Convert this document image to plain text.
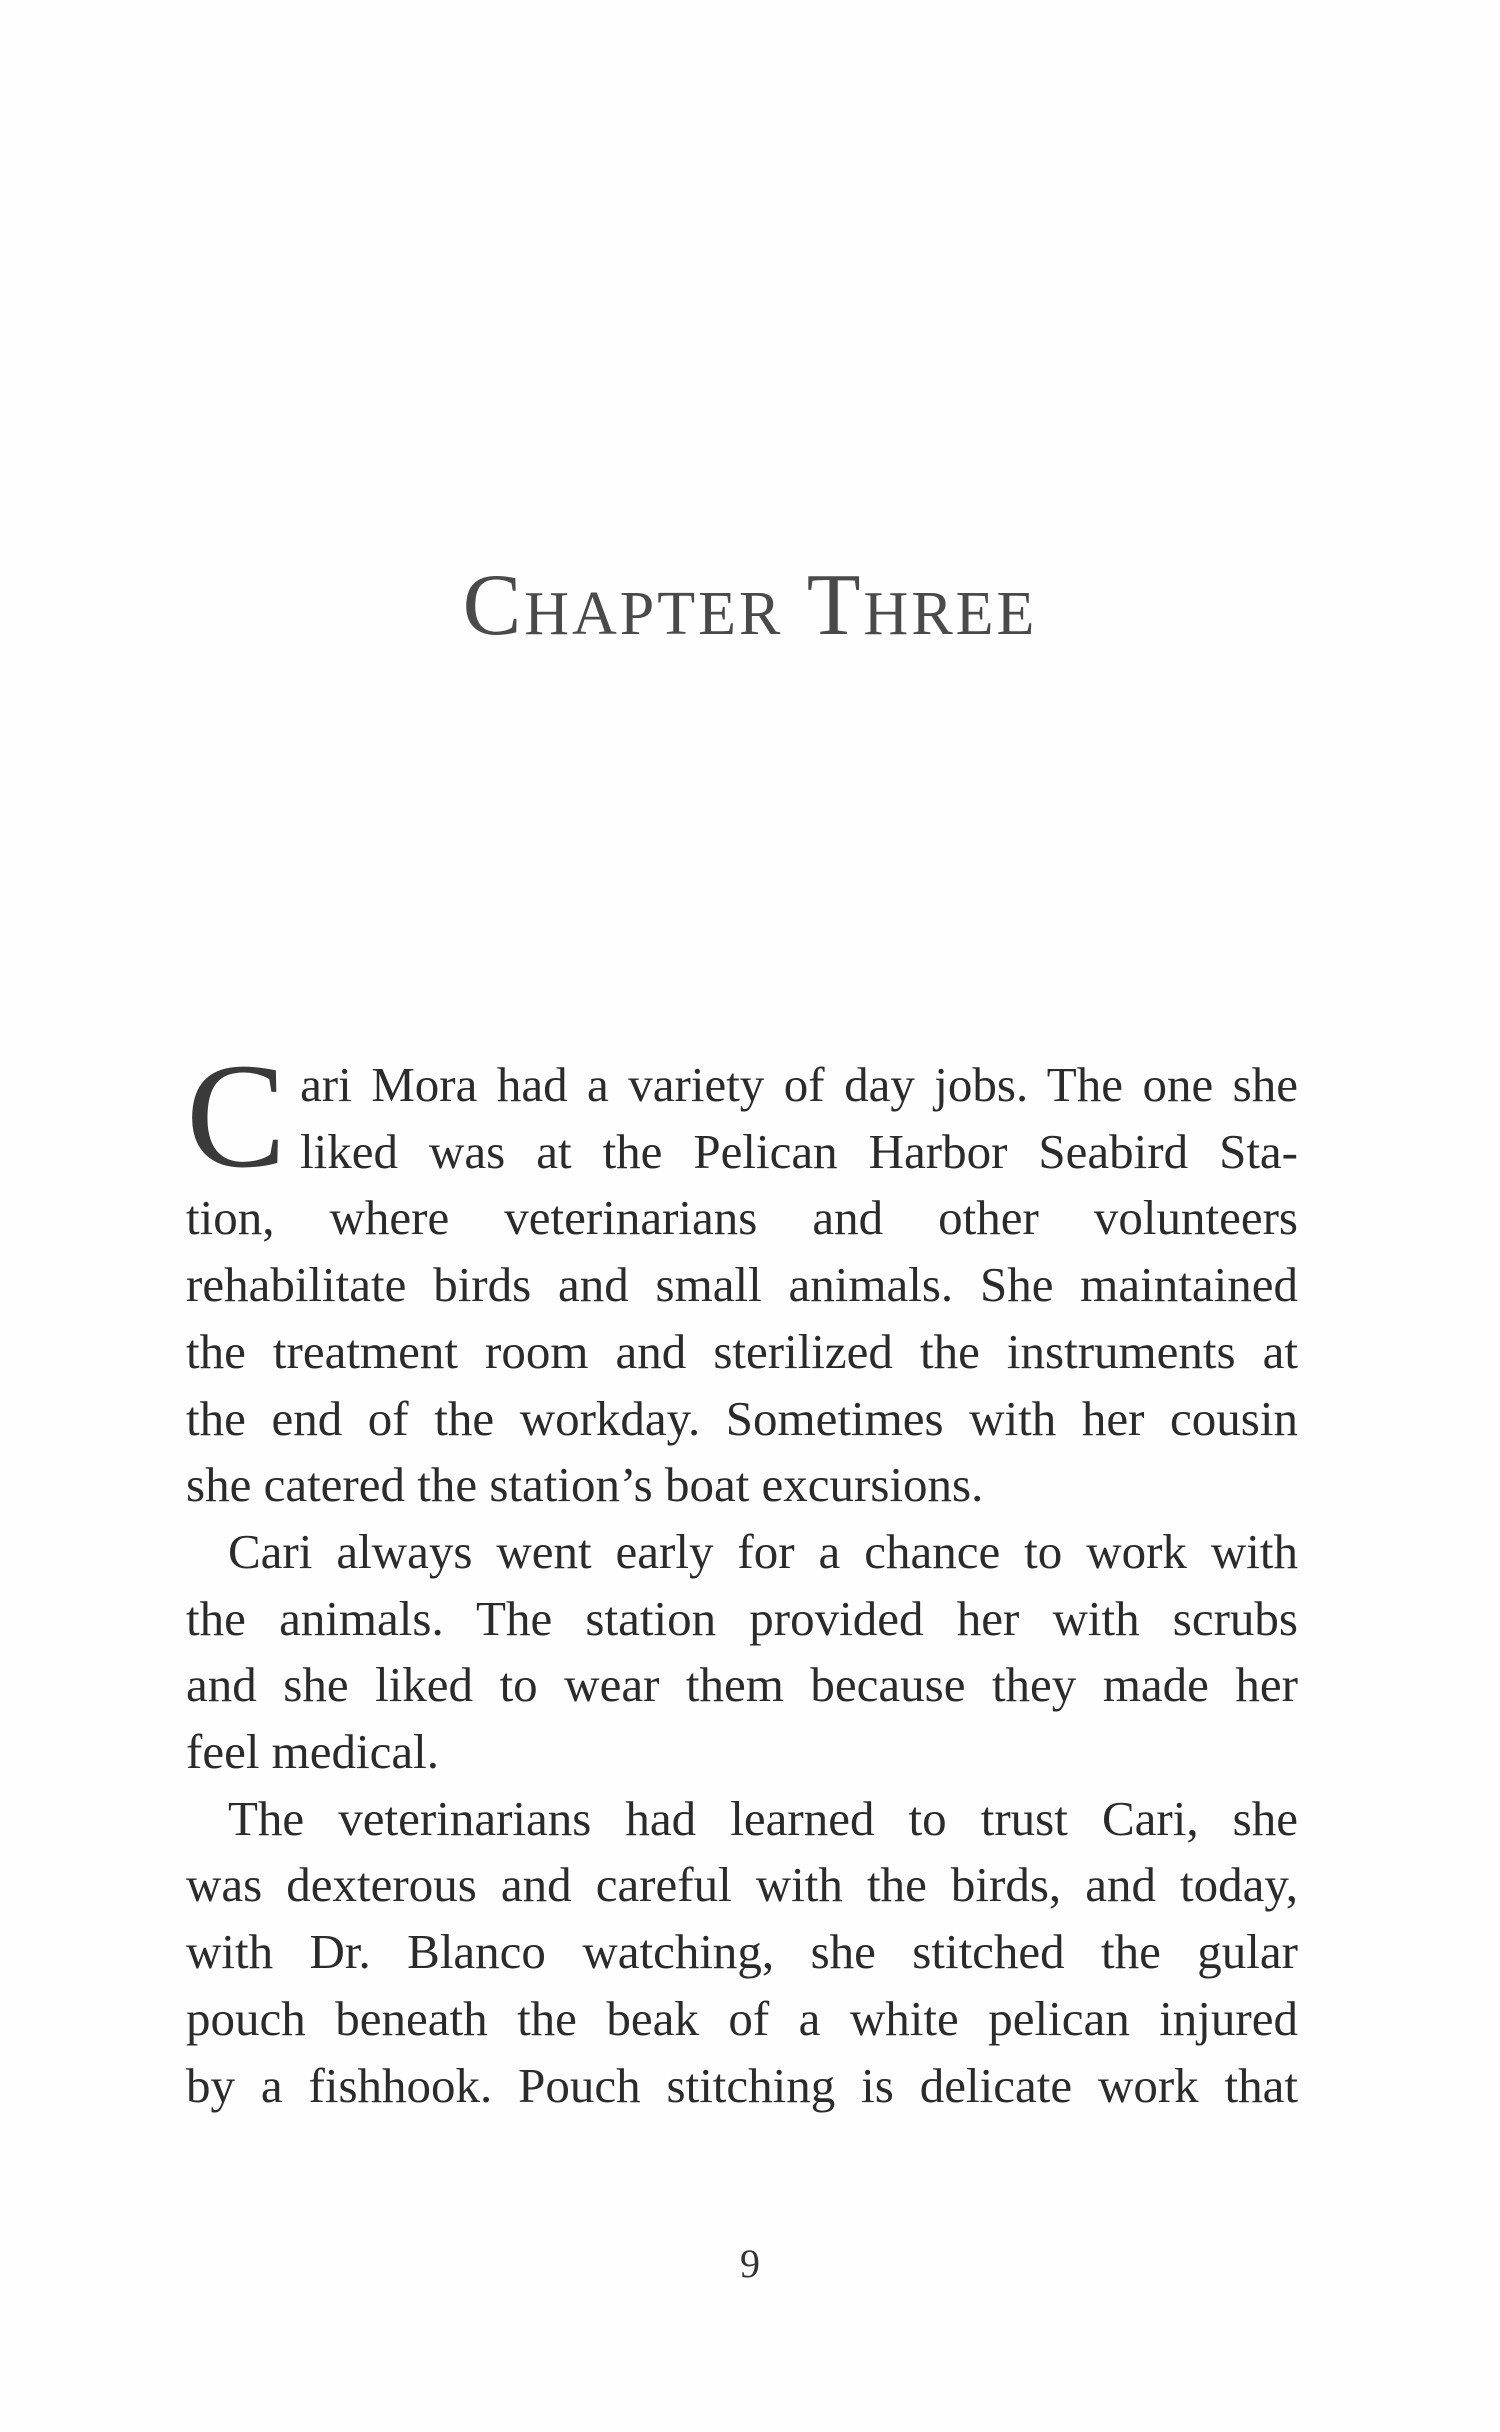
Chapter Three
C ari Mora had a variety of day jobs. The one she
liked was at the Pelican Harbor Seabird Sta-
tion, where veterinarians and other volunteers
rehabilitate birds and small animals. She maintained
the treatment room and sterilized the instruments at
the end of the workday. Sometimes with her cousin
she catered the station’s boat excursions.
Cari always went early for a chance to work with
the animals. The station provided her with scrubs
and she liked to wear them because they made her
feel medical.
The veterinarians had learned to trust Cari, she
was dexterous and careful with the birds, and today,
with Dr. Blanco watching, she stitched the gular
pouch beneath the beak of a white pelican injured
by a fishhook. Pouch stitching is delicate work that
9
